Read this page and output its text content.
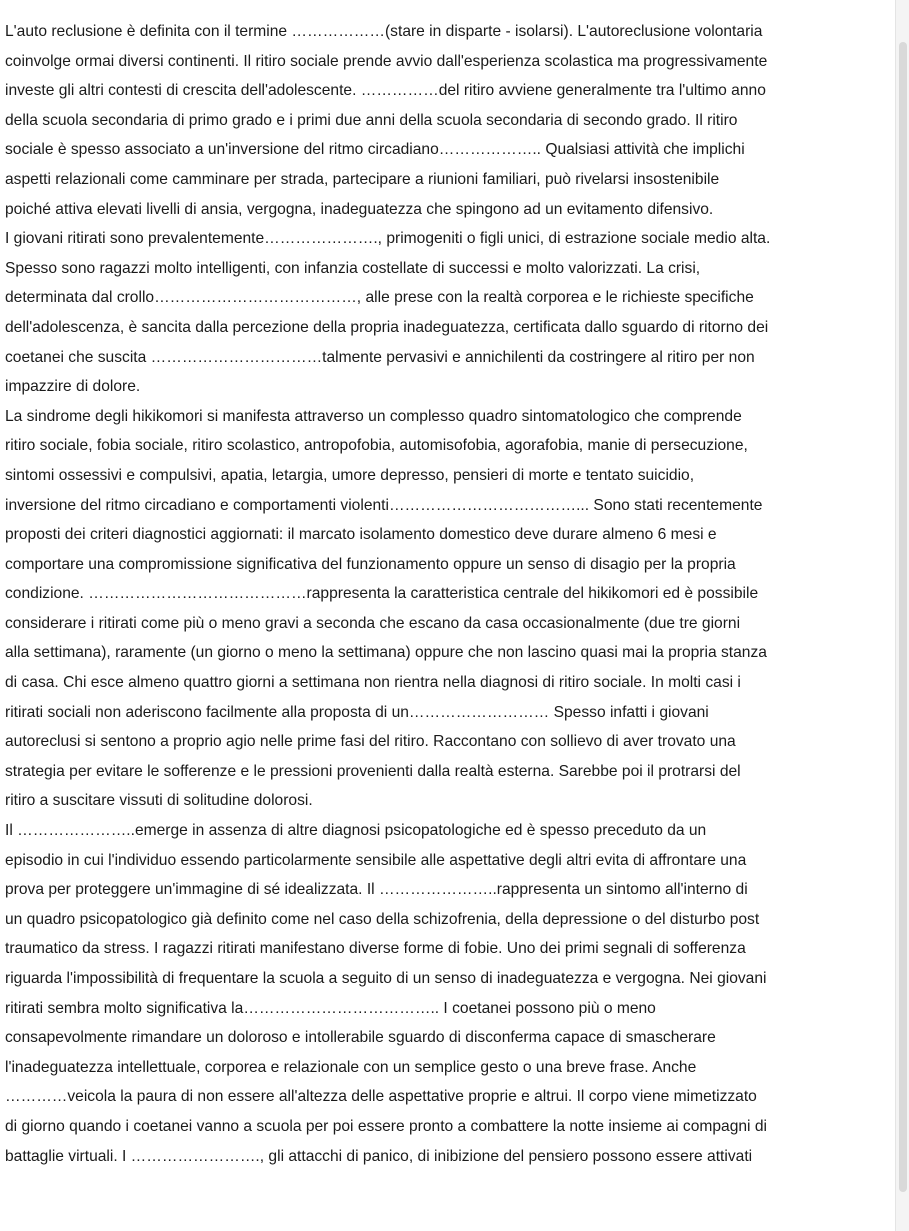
L'auto reclusione è definita con il termine ………………(stare in disparte - isolarsi). L'autoreclusione volontaria
coinvolge ormai diversi continenti. Il ritiro sociale prende avvio dall'esperienza scolastica ma progressivamente
investe gli altri contesti di crescita dell'adolescente. ……………del ritiro avviene generalmente tra l'ultimo anno
della scuola secondaria di primo grado e i primi due anni della scuola secondaria di secondo grado. Il ritiro
sociale è spesso associato a un'inversione del ritmo circadiano……………….. Qualsiasi attività che implichi
aspetti relazionali come camminare per strada, partecipare a riunioni familiari, può rivelarsi insostenibile
poiché attiva elevati livelli di ansia, vergogna, inadeguatezza che spingono ad un evitamento difensivo.
I giovani ritirati sono prevalentemente…………………., primogeniti o figli unici, di estrazione sociale medio alta.
Spesso sono ragazzi molto intelligenti, con infanzia costellate di successi e molto valorizzati. La crisi,
determinata dal crollo…………………………………, alle prese con la realtà corporea e le richieste specifiche
dell'adolescenza, è sancita dalla percezione della propria inadeguatezza, certificata dallo sguardo di ritorno dei
coetanei che suscita ……………………………talmente pervasivi e annichilenti da costringere al ritiro per non
impazzire di dolore.
La sindrome degli hikikomori si manifesta attraverso un complesso quadro sintomatologico che comprende
ritiro sociale, fobia sociale, ritiro scolastico, antropofobia, automisofobia, agorafobia, manie di persecuzione,
sintomi ossessivi e compulsivi, apatia, letargia, umore depresso, pensieri di morte e tentato suicidio,
inversione del ritmo circadiano e comportamenti violenti………………………………... Sono stati recentemente
proposti dei criteri diagnostici aggiornati: il marcato isolamento domestico deve durare almeno 6 mesi e
comportare una compromissione significativa del funzionamento oppure un senso di disagio per la propria
condizione. ……………………………………rappresenta la caratteristica centrale del hikikomori ed è possibile
considerare i ritirati come più o meno gravi a seconda che escano da casa occasionalmente (due tre giorni
alla settimana), raramente (un giorno o meno la settimana) oppure che non lascino quasi mai la propria stanza
di casa. Chi esce almeno quattro giorni a settimana non rientra nella diagnosi di ritiro sociale. In molti casi i
ritirati sociali non aderiscono facilmente alla proposta di un……………………… Spesso infatti i giovani
autoreclusi si sentono a proprio agio nelle prime fasi del ritiro. Raccontano con sollievo di aver trovato una
strategia per evitare le sofferenze e le pressioni provenienti dalla realtà esterna. Sarebbe poi il protrarsi del
ritiro a suscitare vissuti di solitudine dolorosi.
Il …………………..emerge in assenza di altre diagnosi psicopatologiche ed è spesso preceduto da un
episodio in cui l'individuo essendo particolarmente sensibile alle aspettative degli altri evita di affrontare una
prova per proteggere un'immagine di sé idealizzata. Il …………………..rappresenta un sintomo all'interno di
un quadro psicopatologico già definito come nel caso della schizofrenia, della depressione o del disturbo post
traumatico da stress. I ragazzi ritirati manifestano diverse forme di fobie. Uno dei primi segnali di sofferenza
riguarda l'impossibilità di frequentare la scuola a seguito di un senso di inadeguatezza e vergogna. Nei giovani
ritirati sembra molto significativa la……………………………….. I coetanei possono più o meno
consapevolmente rimandare un doloroso e intollerabile sguardo di disconferma capace di smascherare
l'inadeguatezza intellettuale, corporea e relazionale con un semplice gesto o una breve frase. Anche
…………veicola la paura di non essere all'altezza delle aspettative proprie e altrui. Il corpo viene mimetizzato
di giorno quando i coetanei vanno a scuola per poi essere pronto a combattere la notte insieme ai compagni di
battaglie virtuali. I ……………………., gli attacchi di panico, di inibizione del pensiero possono essere attivati
